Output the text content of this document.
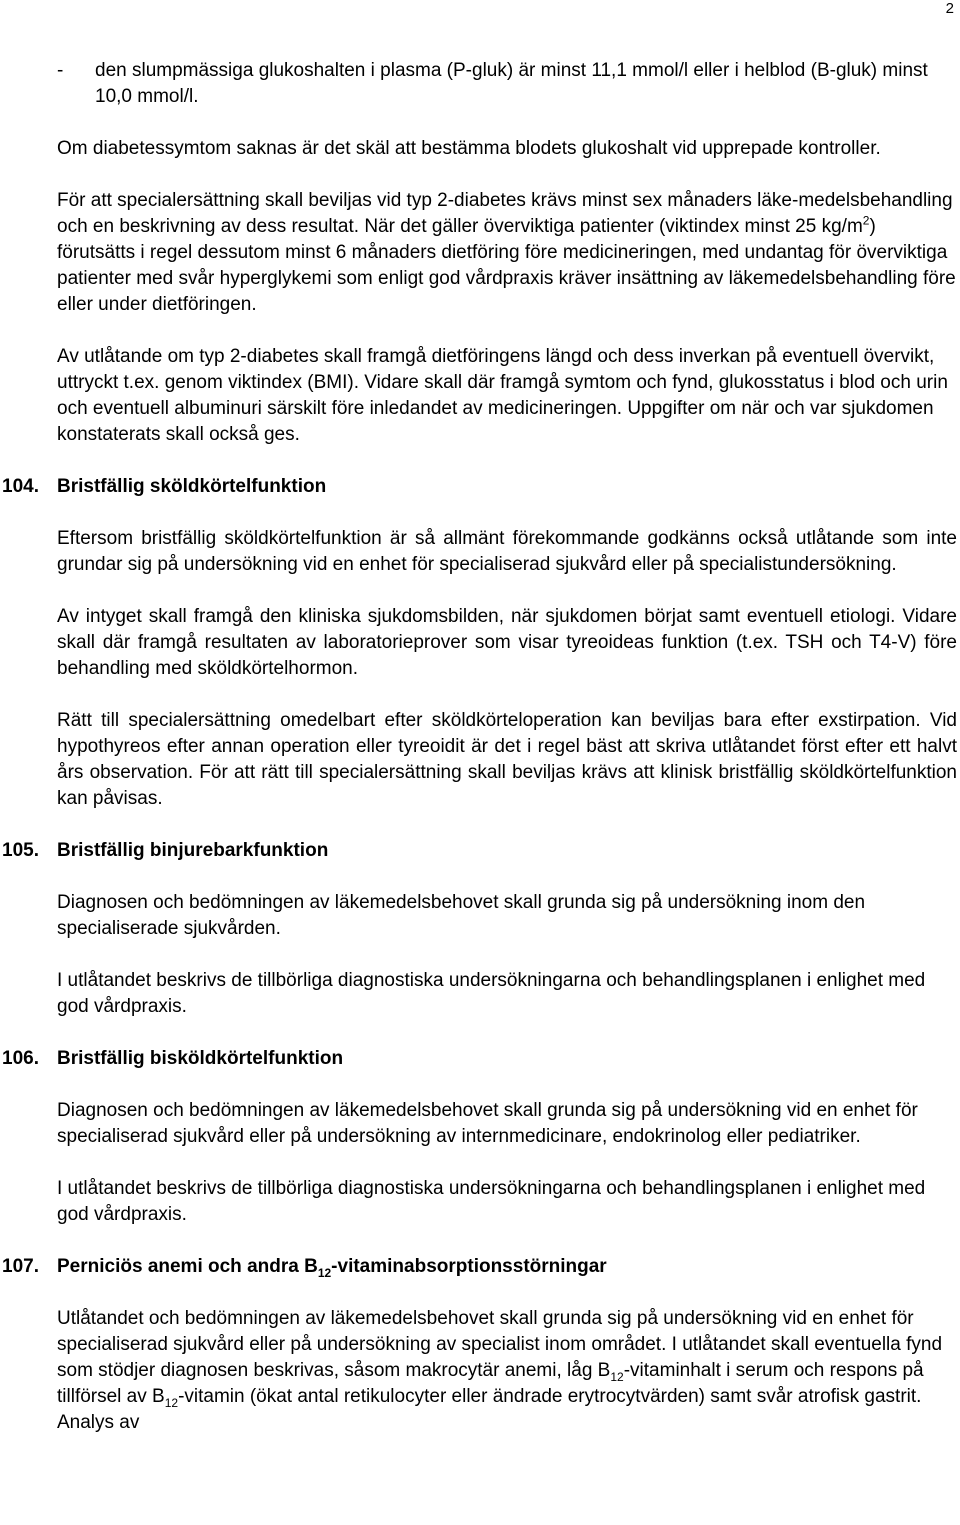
2
- den slumpmässiga glukoshalten i plasma (P-gluk) är minst 11,1 mmol/l eller i helblod (B-gluk) minst 10,0 mmol/l.

Om diabetessymtom saknas är det skäl att bestämma blodets glukoshalt vid upprepade kontroller.

För att specialersättning skall beviljas vid typ 2-diabetes krävs minst sex månaders läke-medelsbehandling och en beskrivning av dess resultat. När det gäller överviktiga patienter (viktindex minst 25 $kg/m^2$) förutsätts i regel dessutom minst 6 månaders dietföring före medicineringen, med undantag för överviktiga patienter med svår hyperglykemi som enligt god vårdpraxis kräver insättning av läkemedelsbehandling före eller under dietföringen.

Av utlåtande om typ 2-diabetes skall framgå dietföringens längd och dess inverkan på eventuell övervikt, uttryckt t.ex. genom viktindex (BMI). Vidare skall där framgå symtom och fynd, glukosstatus i blod och urin och eventuell albuminuri särskilt före inledandet av medicineringen. Uppgifter om när och var sjukdomen konstaterats skall också ges.

104. Bristfällig sköldkörtelfunktion

Eftersom bristfällig sköldkörtelfunktion är så allmänt förekommande godkänns också utlåtande som inte grundar sig på undersökning vid en enhet för specialiserad sjukvård eller på specialistundersökning.

Av intyget skall framgå den kliniska sjukdomsbilden, när sjukdomen börjat samt eventuell etiologi. Vidare skall där framgå resultaten av laboratorieprover som visar tyreoideas funktion (t.ex. TSH och T4-V) före behandling med sköldkörtelhormon.

Rätt till specialersättning omedelbart efter sköldkörteloperation kan beviljas bara efter exstirpation. Vid hypothyreos efter annan operation eller tyreoidit är det i regel bäst att skriva utlåtandet först efter ett halvt års observation. För att rätt till specialersättning skall beviljas krävs att klinisk bristfällig sköldkörtelfunktion kan påvisas.

105. Bristfällig binjurebarkfunktion

Diagnosen och bedömningen av läkemedelsbehovet skall grunda sig på undersökning inom den specialiserade sjukvården.

I utlåtandet beskrivs de tillbörliga diagnostiska undersökningarna och behandlingsplanen i enlighet med god vårdpraxis.

106. Bristfällig bisköldkörtelfunktion

Diagnosen och bedömningen av läkemedelsbehovet skall grunda sig på undersökning vid en enhet för specialiserad sjukvård eller på undersökning av internmedicinare, endokrinolog eller pediatriker.

I utlåtandet beskrivs de tillbörliga diagnostiska undersökningarna och behandlingsplanen i enlighet med god vårdpraxis.

107. Perniciös anemi och andra $B_{12}$-vitaminabsorptionsstörningar

Utlåtandet och bedömningen av läkemedelsbehovet skall grunda sig på undersökning vid en enhet för specialiserad sjukvård eller på undersökning av specialist inom området. I utlåtandet skall eventuella fynd som stödjer diagnosen beskrivas, såsom makrocytär anemi, låg $B_{12}$-vitaminhalt i serum och respons på tillförsel av $B_{12}$-vitamin (ökat antal retikulocyter eller ändrade erytrocytvärden) samt svår atrofisk gastrit. Analys av
